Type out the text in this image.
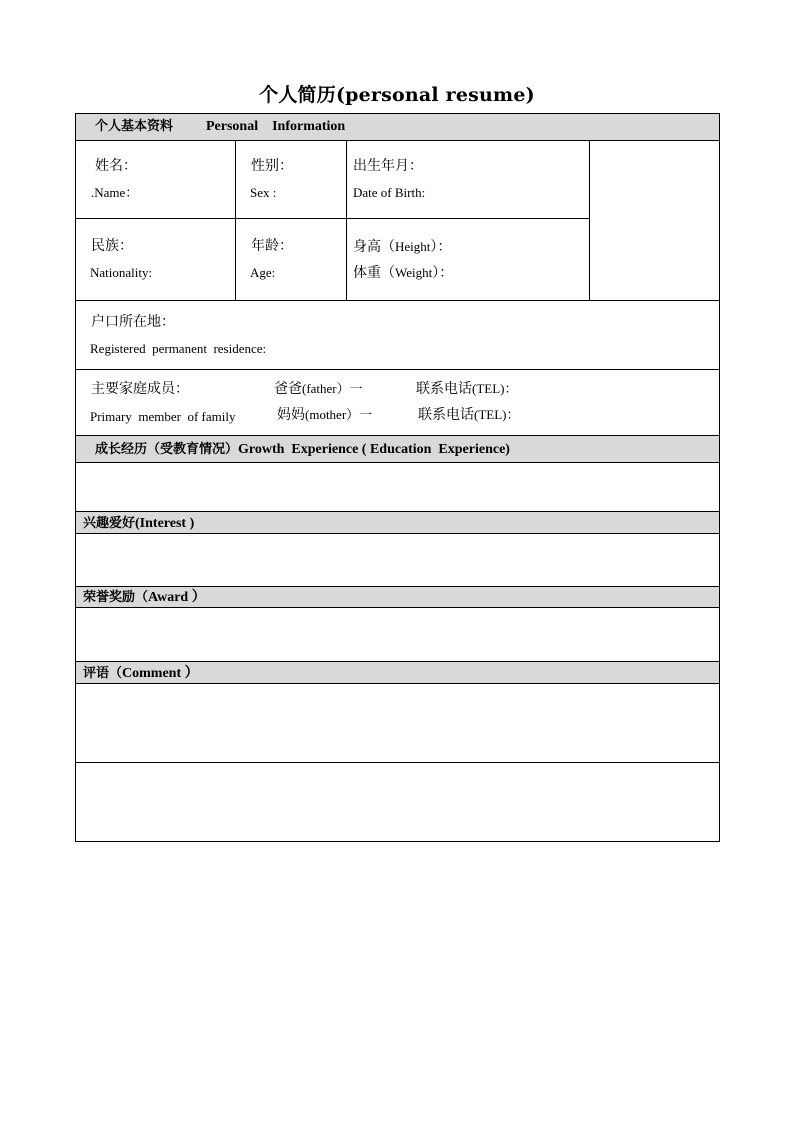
个人简历(personal resume)
个人基本资料 Personal    Information
姓名：
.Name：
性别：
Sex :
出生年月：
Date of Birth:
民族：
Nationality:
年龄：
Age:
身高（Height）：
体重（Weight）：
户口所在地：
Registered  permanent  residence:
主要家庭成员：
Primary  member  of family
爸爸(father）一
妈妈(mother）一
联系电话(TEL)：
联系电话(TEL)：
成长经历（受教育情况）Growth  Experience ( Education  Experience)
兴趣爱好(Interest )
荣誉奖励（Award ）
评语（Comment ）
